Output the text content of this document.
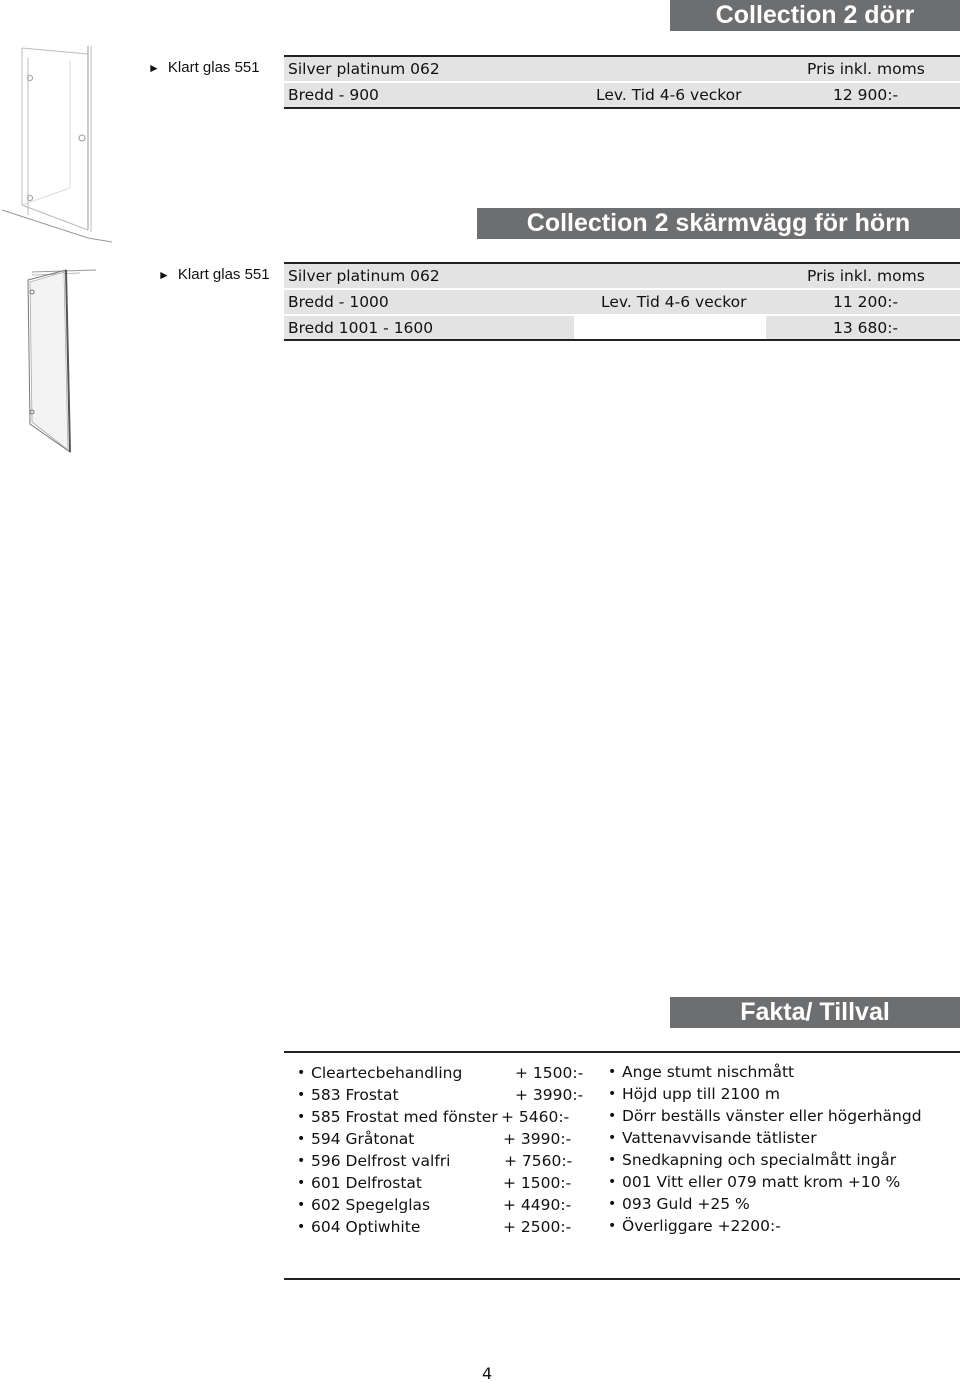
Collection 2 dörr
► Klart glas 551 Silver platinum 062	Pris inkl. moms
Bredd - 900	Lev. Tid 4-6 veckor	12 900:-
Collection 2 skärmvägg för hörn
► Klart glas 551 Silver platinum 062	Pris inkl. moms
Bredd - 1000	Lev. Tid 4-6 veckor	11 200:-
Bredd 1001 - 1600	13 680:-
Fakta/ Tillval
• Cleartecbehandling	+ 1500:-
• 583 Frostat	+ 3990:-
• 585 Frostat med fönster + 5460:-
• 594 Gråtonat	+ 3990:-
• 596 Delfrost valfri	+ 7560:-
• 601 Delfrostat	+ 1500:-
• 602 Spegelglas	+ 4490:-
• 604 Optiwhite	+ 2500:-
• Ange stumt nischmått
• Höjd upp till 2100 m
• Dörr beställs vänster eller högerhängd
• Vattenavvisande tätlister
• Snedkapning och specialmått ingår
• 001 Vitt eller 079 matt krom +10 %
• 093 Guld +25 %
• Överliggare +2200:-
4
